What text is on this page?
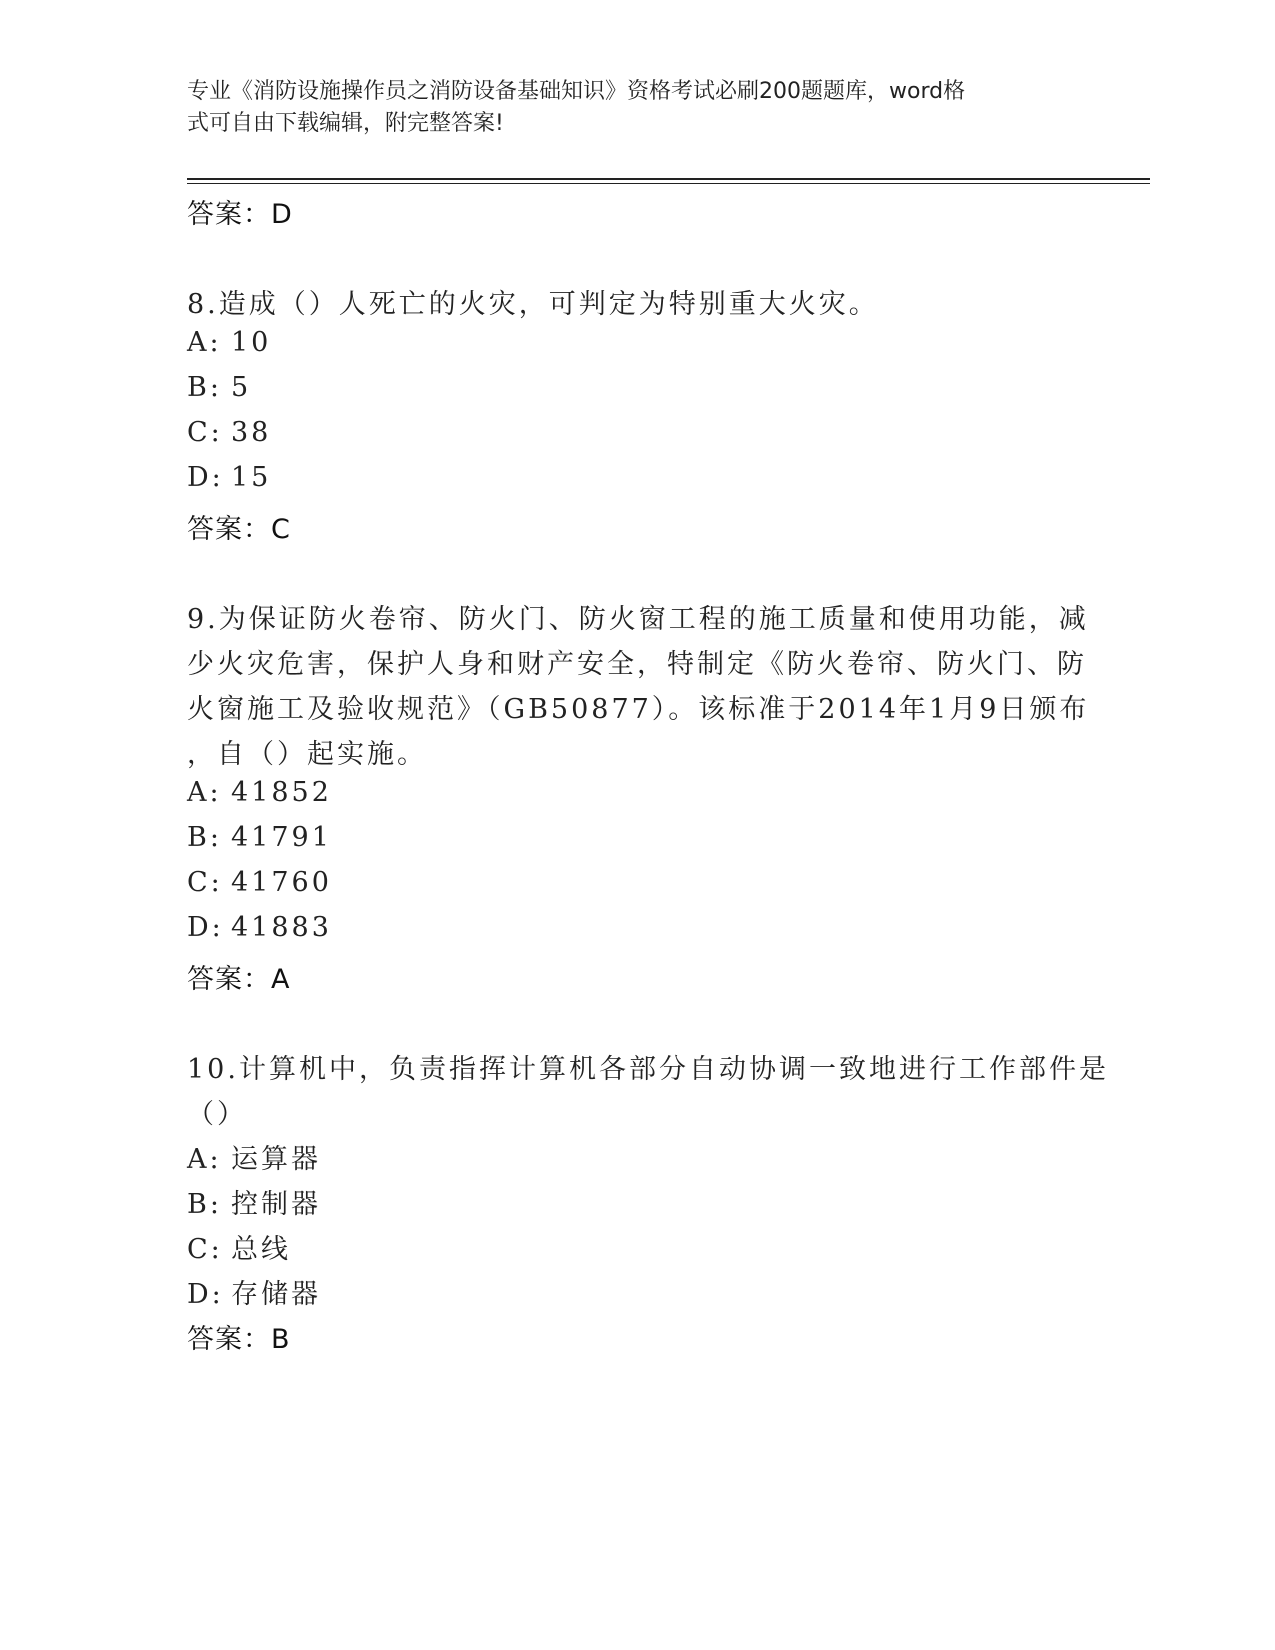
专业《消防设施操作员之消防设备基础知识》资格考试必刷200题题库，word格
式可自由下载编辑，附完整答案!
答案：D
8.造成（）人死亡的火灾，可判定为特别重大火灾。
A: 10
B: 5
C: 38
D: 15
答案：C
9.为保证防火卷帘、防火门、防火窗工程的施工质量和使用功能，减
少火灾危害，保护人身和财产安全，特制定《防火卷帘、防火门、防
火窗施工及验收规范》（GB50877）。该标准于2014年1月9日颁布
，自（）起实施。
A: 41852
B: 41791
C: 41760
D: 41883
答案：A
10.计算机中，负责指挥计算机各部分自动协调一致地进行工作部件是
（）
A: 运算器
B: 控制器
C: 总线
D: 存储器
答案：B
